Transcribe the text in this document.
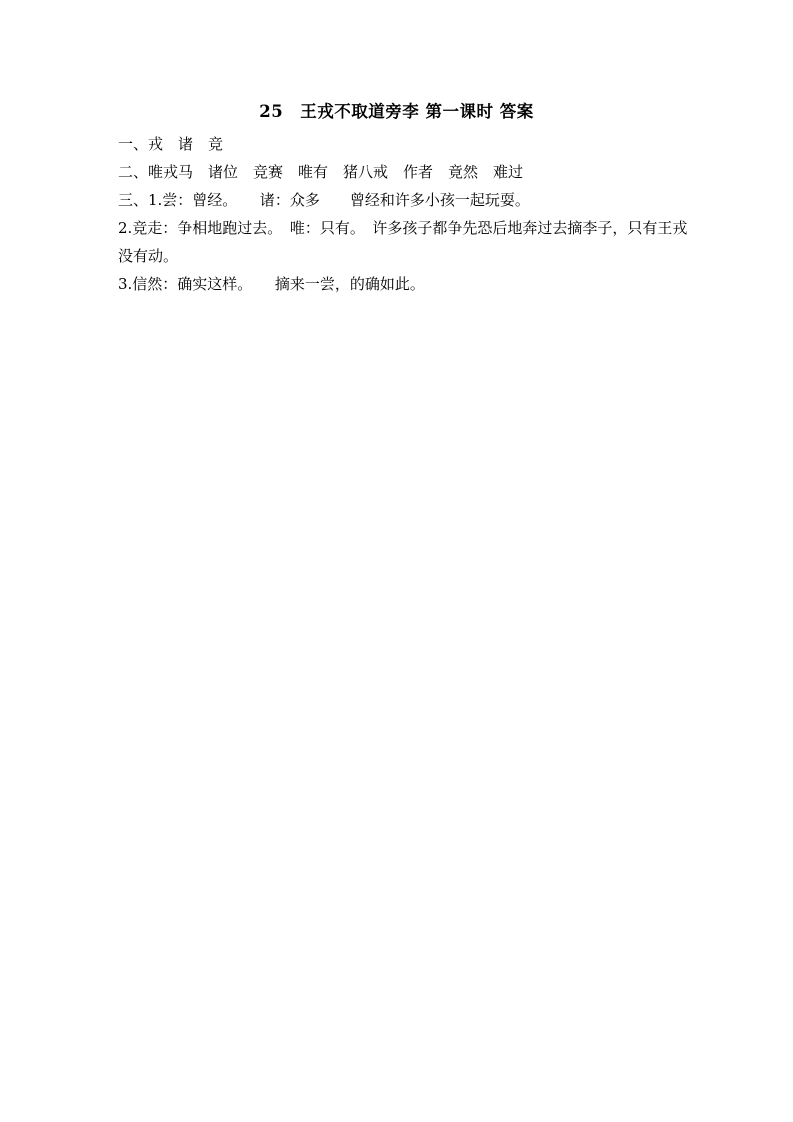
25　王戎不取道旁李 第一课时 答案
一、戎　诸　竞
二、唯戎马　诸位　竞赛　唯有　猪八戒　作者　竟然　难过
三、1.尝：曾经。　　诸：众多　　曾经和许多小孩一起玩耍。
2.竞走：争相地跑过去。　唯：只有。　许多孩子都争先恐后地奔过去摘李子，只有王戎没有动。
3.信然：确实这样。　　摘来一尝，的确如此。
